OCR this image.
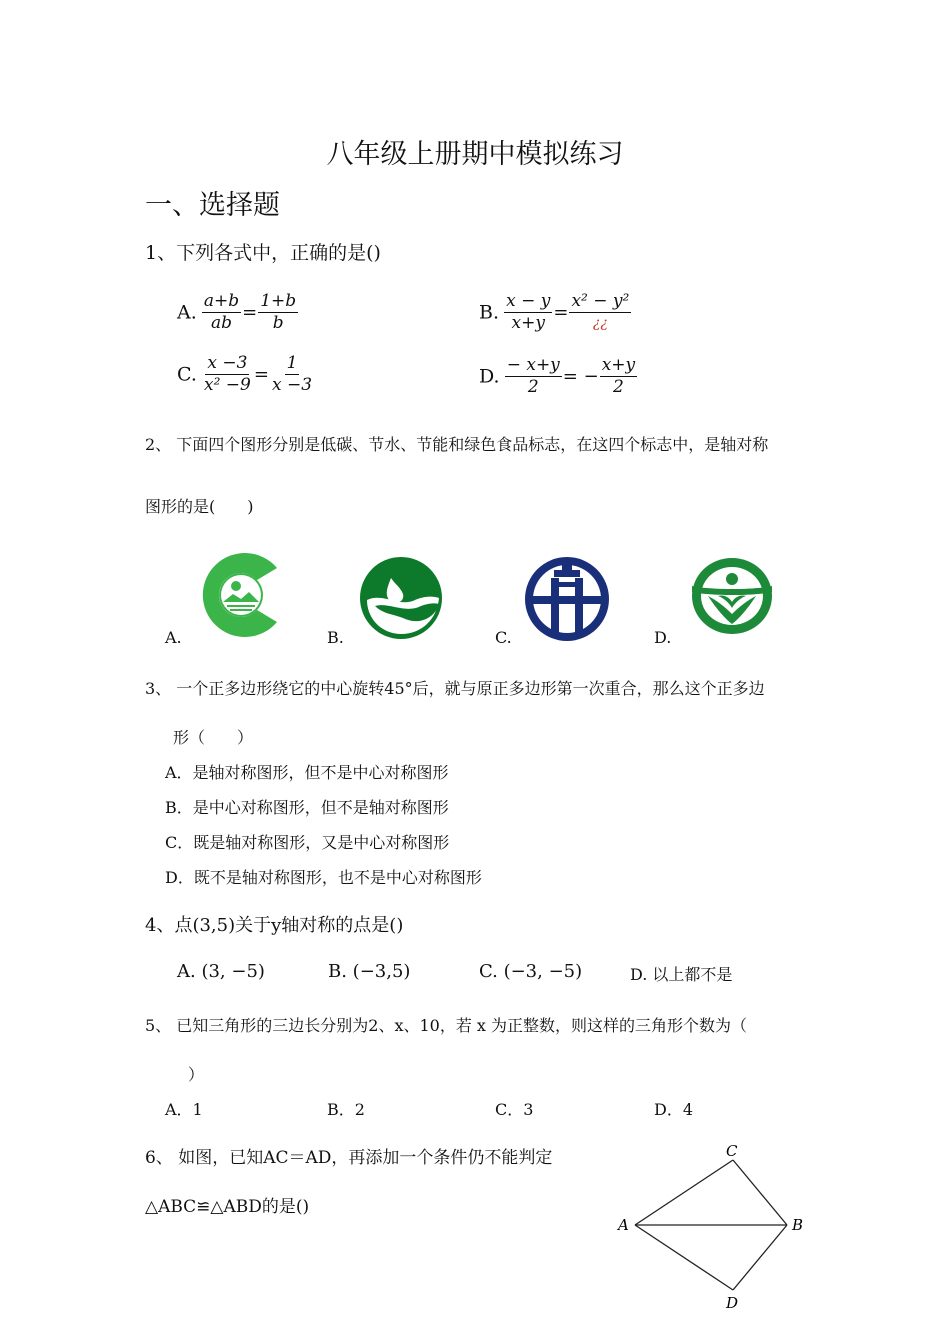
八年级上册期中模拟练习
一、选择题
1、下列各式中，正确的是()
A. $\frac{a+b}{ab} = \frac{1+b}{b}$	B. $\frac{x - y}{x+y} = \frac{\text{x² − y²}}{¿¿}$
C. $\frac{x -3}{\text{x² −9}} = \frac{1}{x -3}$	D. $\frac{- x+y}{2}$ = − $\frac{x+y}{2}$
2、 下面四个图形分别是低碳、节水、节能和绿色食品标志，在这四个标志中，是轴对称
图形的是(　　)
A.	B.	C.	D.
3、 一个正多边形绕它的中心旋转45°后，就与原正多边形第一次重合，那么这个正多边
形（　　）
A．是轴对称图形，但不是中心对称图形
B．是中心对称图形，但不是轴对称图形
C．既是轴对称图形，又是中心对称图形
D．既不是轴对称图形，也不是中心对称图形
4、点(3,5)关于y轴对称的点是()
A. (3, −5)	B. (−3,5)	C. (−3, −5)	D. 以上都不是
5、 已知三角形的三边长分别为2、x、10，若 x 为正整数，则这样的三角形个数为（
）
A．1	B．2	C．3	D．4
6、 如图，已知AC＝AD，再添加一个条件仍不能判定
△ABC≌△ABD的是()
C
A	B
D
